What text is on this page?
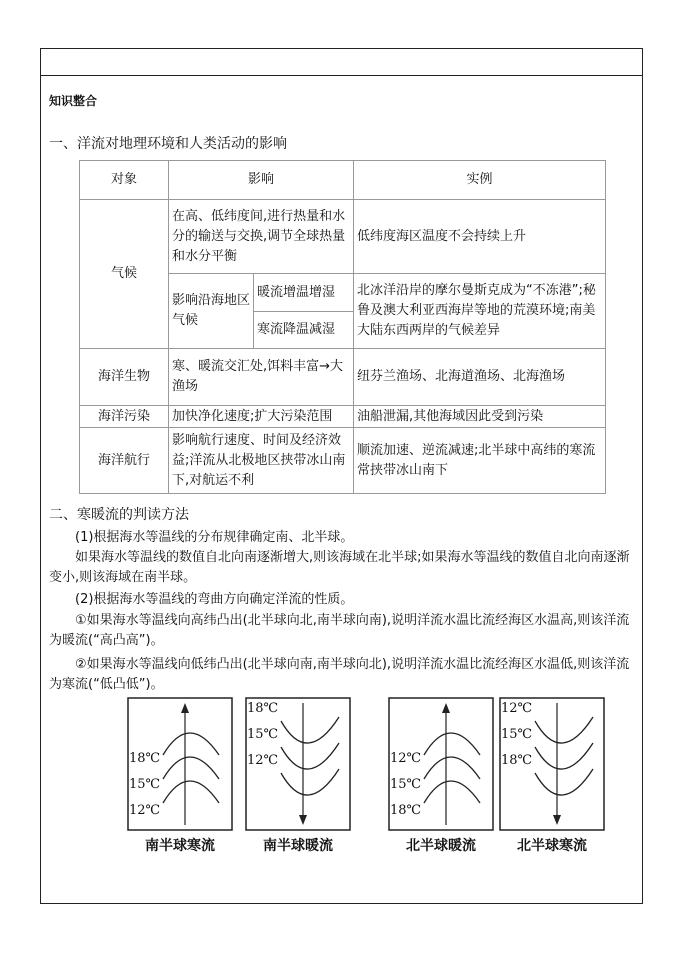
知识整合
一、洋流对地理环境和人类活动的影响
对象	影响		实例
气候	在高、低纬度间,进行热量和水分的输送与交换,调节全球热量和水分平衡		低纬度海区温度不会持续上升
	影响沿海地区气候	暖流增温增湿	北冰洋沿岸的摩尔曼斯克成为“不冻港”;秘鲁及澳大利亚西海岸等地的荒漠环境;南美大陆东西两岸的气候差异
		寒流降温减湿	
海洋生物	寒、暖流交汇处,饵料丰富→大渔场		纽芬兰渔场、北海道渔场、北海渔场
海洋污染	加快净化速度;扩大污染范围		油船泄漏,其他海域因此受到污染
海洋航行	影响航行速度、时间及经济效益;洋流从北极地区挟带冰山南下,对航运不利		顺流加速、逆流减速;北半球中高纬的寒流常挟带冰山南下
二、寒暖流的判读方法
(1)根据海水等温线的分布规律确定南、北半球。
如果海水等温线的数值自北向南逐渐增大,则该海域在北半球;如果海水等温线的数值自北向南逐渐变小,则该海域在南半球。
(2)根据海水等温线的弯曲方向确定洋流的性质。
①如果海水等温线向高纬凸出(北半球向北,南半球向南),说明洋流水温比流经海区水温高,则该洋流为暖流(“高凸高”)。
②如果海水等温线向低纬凸出(北半球向南,南半球向北),说明洋流水温比流经海区水温低,则该洋流为寒流(“低凸低”)。
18℃
15℃
12℃
南半球寒流
18℃
15℃
12℃
南半球暖流
12℃
15℃
18℃
北半球暖流
12℃
15℃
18℃
北半球寒流
